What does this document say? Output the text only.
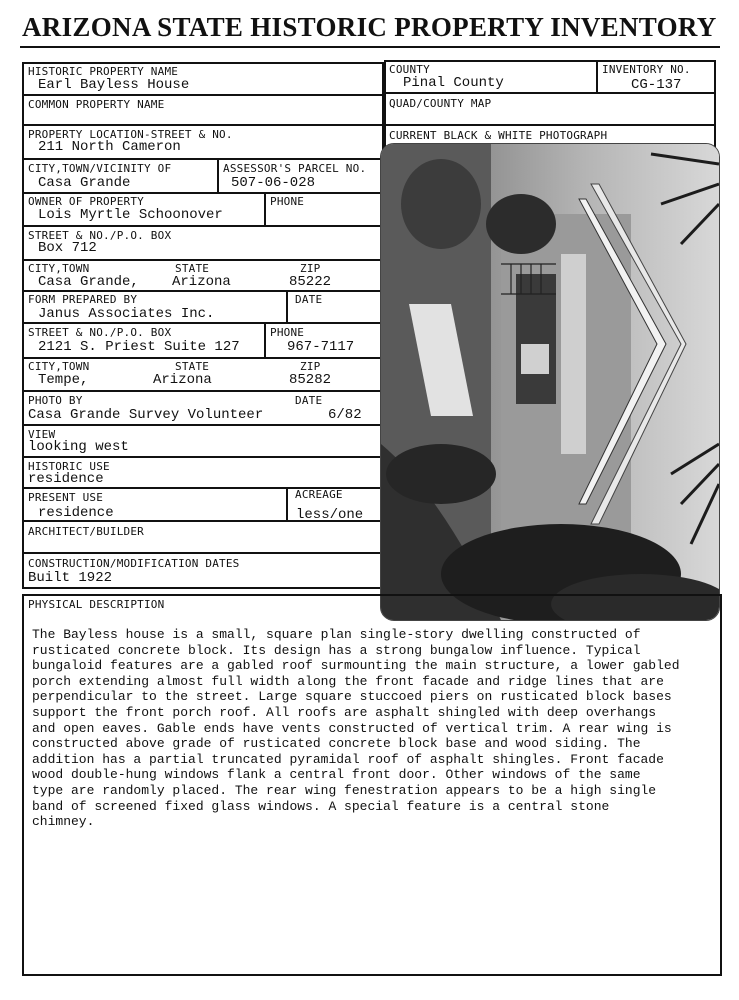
ARIZONA STATE HISTORIC PROPERTY INVENTORY
HISTORIC PROPERTY NAME
Earl Bayless House
COMMON PROPERTY NAME
PROPERTY LOCATION-STREET & NO.
211 North Cameron
CITY,TOWN/VICINITY OF
Casa Grande
ASSESSOR'S PARCEL NO.
507-06-028
OWNER OF PROPERTY
Lois Myrtle Schoonover
PHONE
STREET & NO./P.O. BOX
Box 712
CITY,TOWN	STATE	ZIP
Casa Grande, Arizona	85222
FORM PREPARED BY
Janus Associates Inc.
DATE
STREET & NO./P.O. BOX
2121 S. Priest Suite 127
PHONE
967-7117
CITY,TOWN	STATE	ZIP
Tempe,	Arizona	85282
PHOTO BY
Casa Grande Survey Volunteer
DATE
6/82
VIEW
looking west
HISTORIC USE
residence
PRESENT USE
residence
ACREAGE
less/one
ARCHITECT/BUILDER
CONSTRUCTION/MODIFICATION DATES
Built 1922
COUNTY
Pinal County
INVENTORY NO.
CG-137
QUAD/COUNTY MAP
CURRENT BLACK & WHITE PHOTOGRAPH
PHYSICAL DESCRIPTION
The Bayless house is a small, square plan single-story dwelling constructed of
rusticated concrete block. Its design has a strong bungalow influence. Typical
bungaloid features are a gabled roof surmounting the main structure, a lower gabled
porch extending almost full width along the front facade and ridge lines that are
perpendicular to the street. Large square stuccoed piers on rusticated block bases
support the front porch roof. All roofs are asphalt shingled with deep overhangs
and open eaves. Gable ends have vents constructed of vertical trim. A rear wing is
constructed above grade of rusticated concrete block base and wood siding. The
addition has a partial truncated pyramidal roof of asphalt shingles. Front facade
wood double-hung windows flank a central front door. Other windows of the same
type are randomly placed. The rear wing fenestration appears to be a high single
band of screened fixed glass windows. A special feature is a central stone
chimney.
